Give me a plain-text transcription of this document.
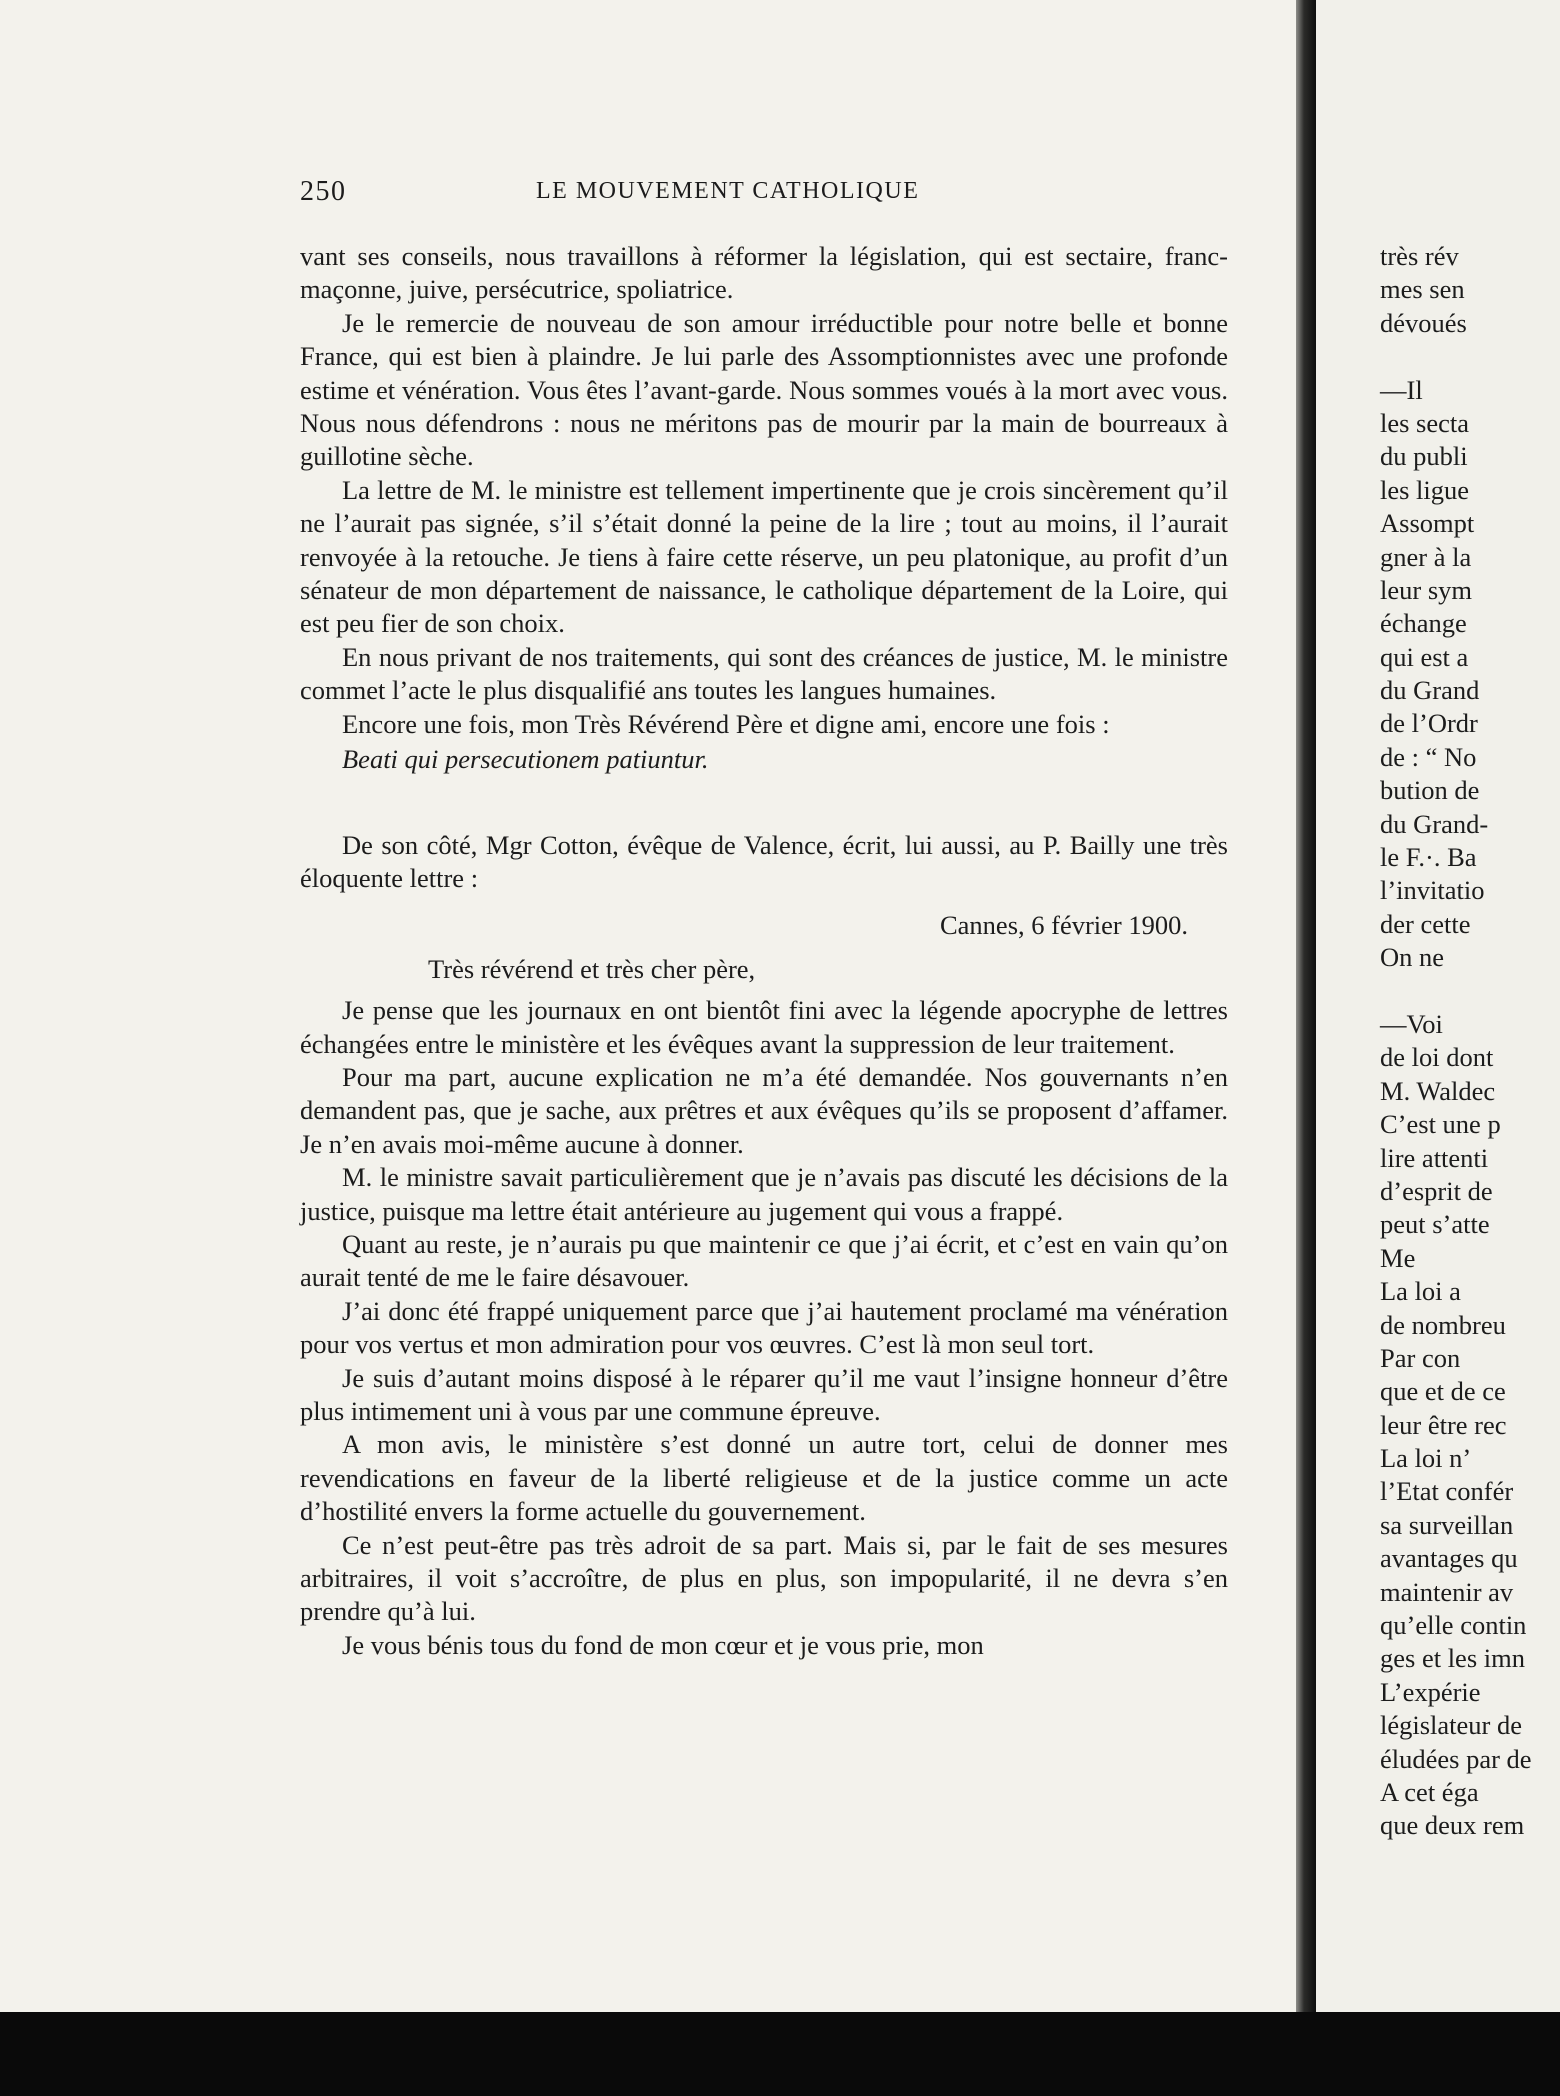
250	LE MOUVEMENT CATHOLIQUE

vant ses conseils, nous travaillons à réformer la législation, qui est sectaire, franc-maçonne, juive, persécutrice, spoliatrice.

Je le remercie de nouveau de son amour irréductible pour notre belle et bonne France, qui est bien à plaindre. Je lui parle des Assomptionnistes avec une profonde estime et vénération. Vous êtes l’avant-garde. Nous sommes voués à la mort avec vous. Nous nous défendrons : nous ne méritons pas de mourir par la main de bourreaux à guillotine sèche.

La lettre de M. le ministre est tellement impertinente que je crois sincèrement qu’il ne l’aurait pas signée, s’il s’était donné la peine de la lire ; tout au moins, il l’aurait renvoyée à la retouche. Je tiens à faire cette réserve, un peu platonique, au profit d’un sénateur de mon département de naissance, le catholique département de la Loire, qui est peu fier de son choix.

En nous privant de nos traitements, qui sont des créances de justice, M. le ministre commet l’acte le plus disqualifié ans toutes les langues humaines.

Encore une fois, mon Très Révérend Père et digne ami, encore une fois :

Beati qui persecutionem patiuntur.

De son côté, Mgr Cotton, évêque de Valence, écrit, lui aussi, au P. Bailly une très éloquente lettre :

Cannes, 6 février 1900.

Très révérend et très cher père,

Je pense que les journaux en ont bientôt fini avec la légende apocryphe de lettres échangées entre le ministère et les évêques avant la suppression de leur traitement.

Pour ma part, aucune explication ne m’a été demandée. Nos gouvernants n’en demandent pas, que je sache, aux prêtres et aux évêques qu’ils se proposent d’affamer. Je n’en avais moi-même aucune à donner.

M. le ministre savait particulièrement que je n’avais pas discuté les décisions de la justice, puisque ma lettre était antérieure au jugement qui vous a frappé.

Quant au reste, je n’aurais pu que maintenir ce que j’ai écrit, et c’est en vain qu’on aurait tenté de me le faire désavouer.

J’ai donc été frappé uniquement parce que j’ai hautement proclamé ma vénération pour vos vertus et mon admiration pour vos œuvres. C’est là mon seul tort.

Je suis d’autant moins disposé à le réparer qu’il me vaut l’insigne honneur d’être plus intimement uni à vous par une commune épreuve.

A mon avis, le ministère s’est donné un autre tort, celui de donner mes revendications en faveur de la liberté religieuse et de la justice comme un acte d’hostilité envers la forme actuelle du gouvernement.

Ce n’est peut-être pas très adroit de sa part. Mais si, par le fait de ses mesures arbitraires, il voit s’accroître, de plus en plus, son impopularité, il ne devra s’en prendre qu’à lui.

Je vous bénis tous du fond de mon cœur et je vous prie, mon

très rév
mes sen
dévoués
—Il
les secta
du publi
les ligue
Assompt
gner à la
leur sym
échange
qui est a
du Grand
de l’Ordr
de : “ No
bution de
du Grand-
le F.·. Ba
l’invitatio
der cette
On ne
—Voi
de loi dont
M. Waldec
C’est une p
lire attenti
d’esprit de
peut s’atte
Me
La loi a
de nombreu
Par con
que et de ce
leur être rec
La loi n’
l’Etat confér
sa surveillan
avantages qu
maintenir av
qu’elle contin
ges et les imn
L’expérie
législateur de
éludées par de
A cet éga
que deux rem
